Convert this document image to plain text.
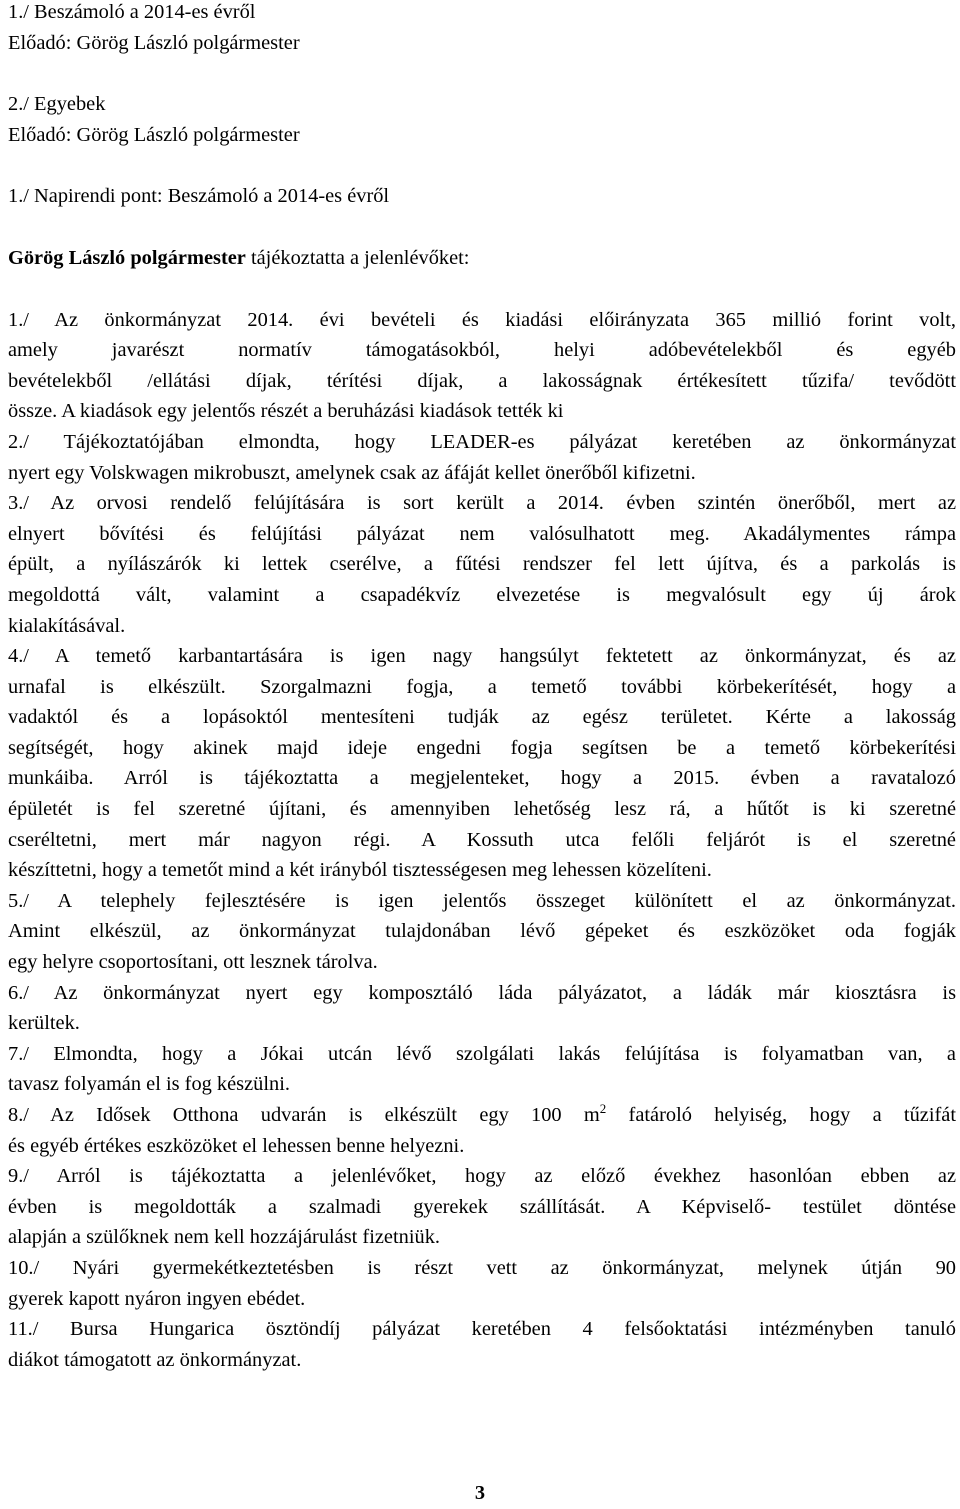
1./ Beszámoló a 2014-es évről
Előadó: Görög László polgármester
2./ Egyebek
Előadó: Görög László polgármester
1./ Napirendi pont: Beszámoló a 2014-es évről
Görög László polgármester tájékoztatta a jelenlévőket:
1./ Az önkormányzat 2014. évi bevételi és kiadási előirányzata 365 millió forint volt,
amely javarészt normatív támogatásokból, helyi adóbevételekből és egyéb
bevételekből /ellátási díjak, térítési díjak, a lakosságnak értékesített tűzifa/ tevődött
össze. A kiadások egy jelentős részét a beruházási kiadások tették ki
2./ Tájékoztatójában elmondta, hogy LEADER-es pályázat keretében az önkormányzat
nyert egy Volskwagen mikrobuszt, amelynek csak az áfáját kellet önerőből kifizetni.
3./ Az orvosi rendelő felújítására is sort került a 2014. évben szintén önerőből, mert az
elnyert bővítési és felújítási pályázat nem valósulhatott meg. Akadálymentes rámpa
épült, a nyílászárók ki lettek cserélve, a fűtési rendszer fel lett újítva, és a parkolás is
megoldottá vált, valamint a csapadékvíz elvezetése is megvalósult egy új árok
kialakításával.
4./ A temető karbantartására is igen nagy hangsúlyt fektetett az önkormányzat, és az
urnafal is elkészült. Szorgalmazni fogja, a temető további körbekerítését, hogy a
vadaktól és a lopásoktól mentesíteni tudják az egész területet. Kérte a lakosság
segítségét, hogy akinek majd ideje engedni fogja segítsen be a temető körbekerítési
munkáiba. Arról is tájékoztatta a megjelenteket, hogy a 2015. évben a ravatalozó
épületét is fel szeretné újítani, és amennyiben lehetőség lesz rá, a hűtőt is ki szeretné
cseréltetni, mert már nagyon régi. A Kossuth utca felőli feljárót is el szeretné
készíttetni, hogy a temetőt mind a két irányból tisztességesen meg lehessen közelíteni.
5./ A telephely fejlesztésére is igen jelentős összeget különített el az önkormányzat.
Amint elkészül, az önkormányzat tulajdonában lévő gépeket és eszközöket oda fogják
egy helyre csoportosítani, ott lesznek tárolva.
6./ Az önkormányzat nyert egy komposztáló láda pályázatot, a ládák már kiosztásra is
kerültek.
7./ Elmondta, hogy a Jókai utcán lévő szolgálati lakás felújítása is folyamatban van, a
tavasz folyamán el is fog készülni.
8./ Az Idősek Otthona udvarán is elkészült egy 100 $m^2$ fatároló helyiség, hogy a tűzifát
és egyéb értékes eszközöket el lehessen benne helyezni.
9./ Arról is tájékoztatta a jelenlévőket, hogy az előző évekhez hasonlóan ebben az
évben is megoldották a szalmadi gyerekek szállítását. A Képviselő- testület döntése
alapján a szülőknek nem kell hozzájárulást fizetniük.
10./ Nyári gyermekétkeztetésben is részt vett az önkormányzat, melynek útján 90
gyerek kapott nyáron ingyen ebédet.
11./ Bursa Hungarica ösztöndíj pályázat keretében 4 felsőoktatási intézményben tanuló
diákot támogatott az önkormányzat.
3
